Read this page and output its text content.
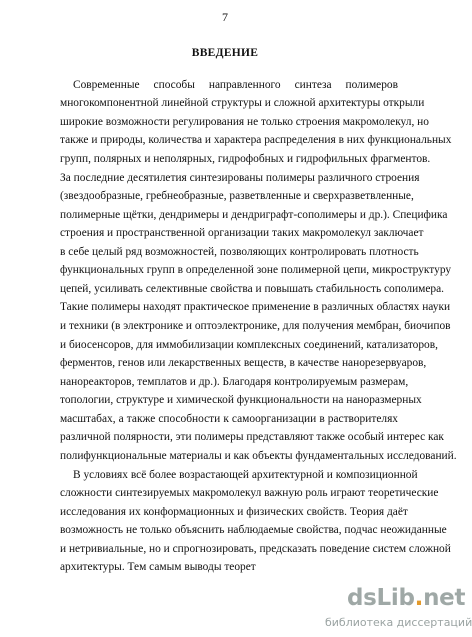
7
ВВЕДЕНИЕ
Современные способы направленного синтеза полимеров
многокомпонентной линейной структуры и сложной архитектуры открыли
широкие возможности регулирования не только строения макромолекул, но
также и природы, количества и характера распределения в них функциональных
групп, полярных и неполярных, гидрофобных и гидрофильных фрагментов.
За последние десятилетия синтезированы полимеры различного строения
(звездообразные, гребнеобразные, разветвленные и сверхразветвленные,
полимерные щётки, дендримеры и дендриграфт-сополимеры и др.). Специфика
строения и пространственной организации таких макромолекул заключает
в себе целый ряд возможностей, позволяющих контролировать плотность
функциональных групп в определенной зоне полимерной цепи, микроструктуру
цепей, усиливать селективные свойства и повышать стабильность сополимера.
Такие полимеры находят практическое применение в различных областях науки
и техники (в электронике и оптоэлектронике, для получения мембран, биочипов
и биосенсоров, для иммобилизации комплексных соединений, катализаторов,
ферментов, генов или лекарственных веществ, в качестве нанорезервуаров,
нанореакторов, темплатов и др.). Благодаря контролируемым размерам,
топологии, структуре и химической функциональности на наноразмерных
масштабах, а также способности к самоорганизации в растворителях
различной полярности, эти полимеры представляют также особый интерес как
полифункциональные материалы и как объекты фундаментальных исследований.
В условиях всё более возрастающей архитектурной и композиционной
сложности синтезируемых макромолекул важную роль играют теоретические
исследования их конформационных и физических свойств. Теория даёт
возможность не только объяснить наблюдаемые свойства, подчас неожиданные
и нетривиальные, но и спрогнозировать, предсказать поведение систем сложной
архитектуры. Тем самым выводы теорет
dsLib.net
библиотека диссертаций
